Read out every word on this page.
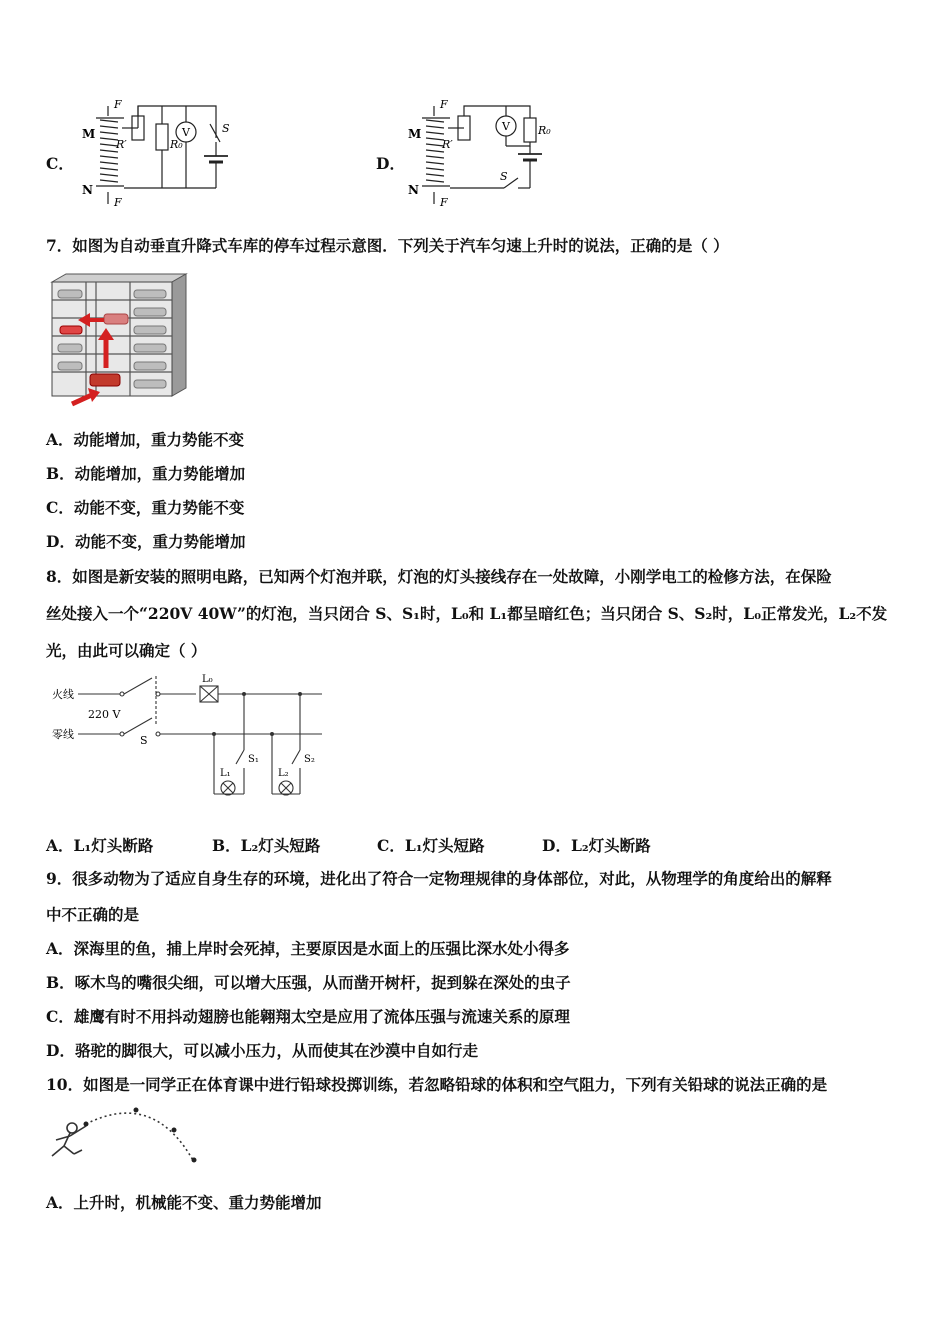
C．
M
N
F
F
R′	R₀
V	S
D．
M
N
F
F
R′
V	R₀
S
7．如图为自动垂直升降式车库的停车过程示意图．下列关于汽车匀速上升时的说法，正确的是（ ）
A．动能增加，重力势能不变
B．动能增加，重力势能增加
C．动能不变，重力势能不变
D．动能不变，重力势能增加
8．如图是新安装的照明电路，已知两个灯泡并联，灯泡的灯头接线存在一处故障，小刚学电工的检修方法，在保险
丝处接入一个“220V 40W”的灯泡，当只闭合 S、S₁时，L₀和 L₁都呈暗红色；当只闭合 S、S₂时，L₀正常发光，L₂不发
光，由此可以确定（ ）
火线
零线
220 V
S
L₀
L₁
S₁
L₂
S₂
A．L₁灯头断路	B．L₂灯头短路	C．L₁灯头短路	D．L₂灯头断路
9．很多动物为了适应自身生存的环境，进化出了符合一定物理规律的身体部位，对此，从物理学的角度给出的解释
中不正确的是
A．深海里的鱼，捕上岸时会死掉，主要原因是水面上的压强比深水处小得多
B．啄木鸟的嘴很尖细，可以增大压强，从而凿开树杆，捉到躲在深处的虫子
C．雄鹰有时不用抖动翅膀也能翱翔太空是应用了流体压强与流速关系的原理
D．骆驼的脚很大，可以减小压力，从而使其在沙漠中自如行走
10．如图是一同学正在体育课中进行铅球投掷训练，若忽略铅球的体积和空气阻力，下列有关铅球的说法正确的是
A．上升时，机械能不变、重力势能增加
